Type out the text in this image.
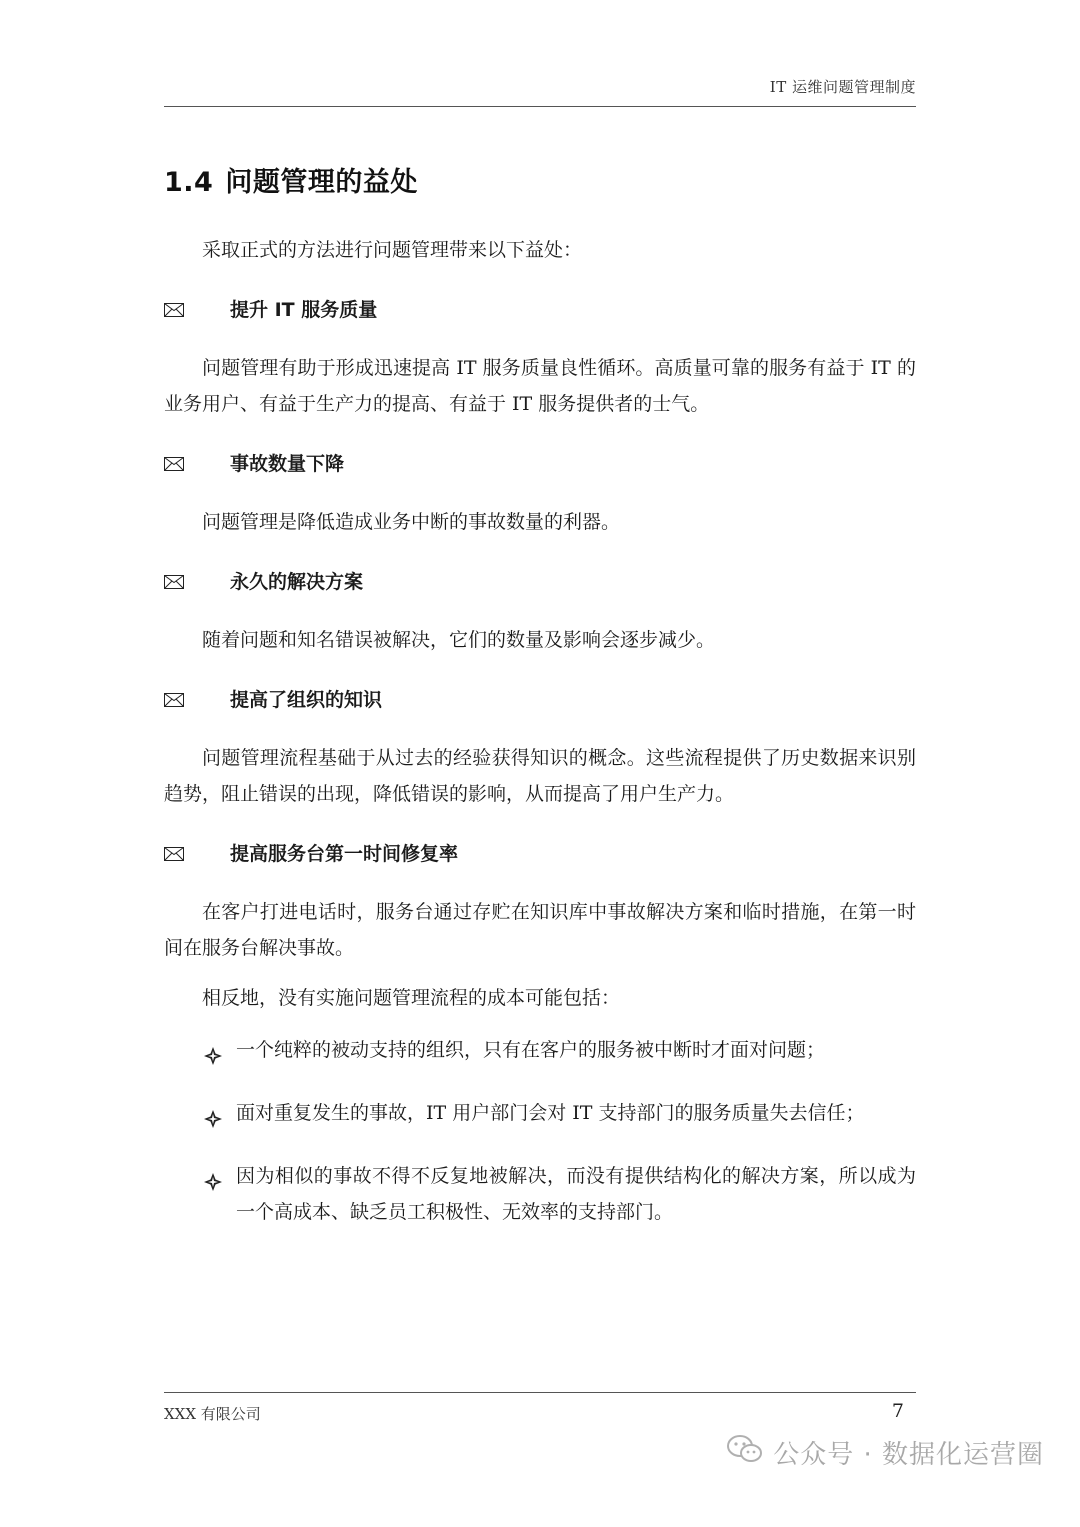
IT 运维问题管理制度
1.4 问题管理的益处

采取正式的方法进行问题管理带来以下益处：

提升 IT 服务质量

问题管理有助于形成迅速提高 IT 服务质量良性循环。高质量可靠的服务有益于 IT 的业务用户、有益于生产力的提高、有益于 IT 服务提供者的士气。

事故数量下降

问题管理是降低造成业务中断的事故数量的利器。

永久的解决方案

随着问题和知名错误被解决，它们的数量及影响会逐步减少。

提高了组织的知识

问题管理流程基础于从过去的经验获得知识的概念。这些流程提供了历史数据来识别趋势，阻止错误的出现，降低错误的影响，从而提高了用户生产力。

提高服务台第一时间修复率

在客户打进电话时，服务台通过存贮在知识库中事故解决方案和临时措施，在第一时间在服务台解决事故。

相反地，没有实施问题管理流程的成本可能包括：

一个纯粹的被动支持的组织，只有在客户的服务被中断时才面对问题；
面对重复发生的事故，IT 用户部门会对 IT 支持部门的服务质量失去信任；
因为相似的事故不得不反复地被解决，而没有提供结构化的解决方案，所以成为一个高成本、缺乏员工积极性、无效率的支持部门。
XXX 有限公司	7
公众号 · 数据化运营圈
